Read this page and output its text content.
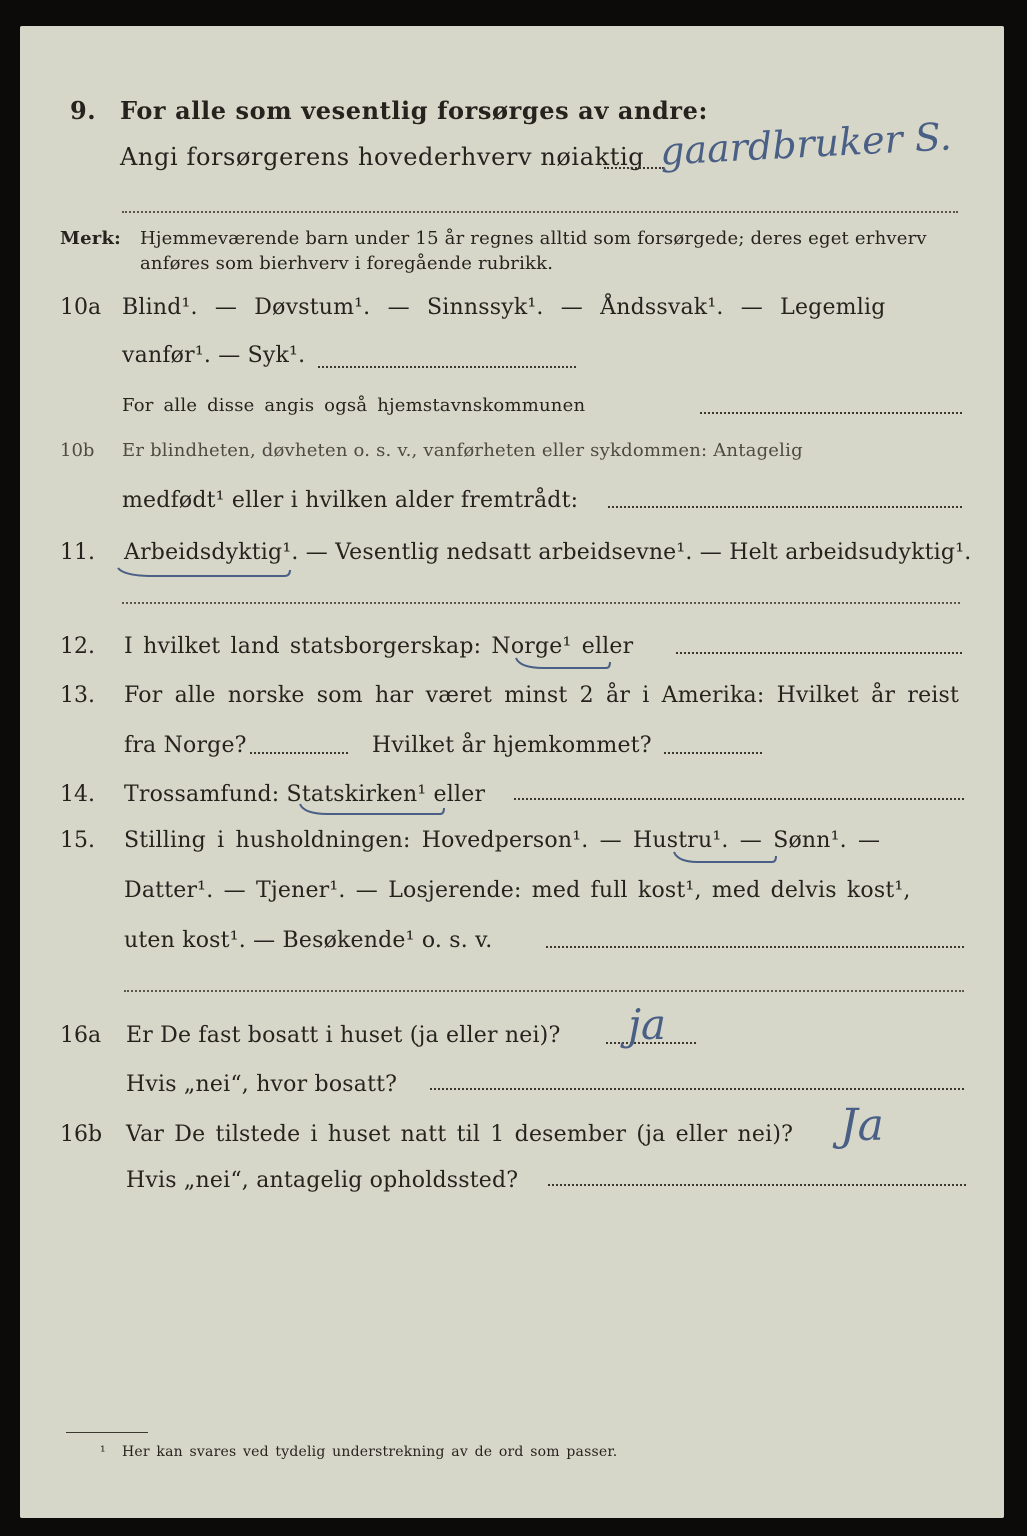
9. For alle som vesentlig forsørges av andre:
Angi forsørgerens hovederhverv nøiaktig gaardbruker S.
Merk: Hjemmeværende barn under 15 år regnes alltid som forsørgede; deres eget erhverv
anføres som bierhverv i foregående rubrikk.
10a Blind¹. — Døvstum¹. — Sinnssyk¹. — Åndssvak¹. — Legemlig
vanfør¹. — Syk¹.
For alle disse angis også hjemstavnskommunen
10b Er blindheten, døvheten o. s. v., vanførheten eller sykdommen: Antagelig
medfødt¹ eller i hvilken alder fremtrådt:
11. Arbeidsdyktig¹. — Vesentlig nedsatt arbeidsevne¹. — Helt arbeidsudyktig¹.
12. I hvilket land statsborgerskap: Norge¹ eller
13. For alle norske som har været minst 2 år i Amerika: Hvilket år reist
fra Norge?	Hvilket år hjemkommet?
14. Trossamfund: Statskirken¹ eller
15. Stilling i husholdningen: Hovedperson¹. — Hustru¹. — Sønn¹. —
Datter¹. — Tjener¹. — Losjerende: med full kost¹, med delvis kost¹,
uten kost¹. — Besøkende¹ o. s. v.
16a Er De fast bosatt i huset (ja eller nei)? ja
Hvis „nei“, hvor bosatt?
16b Var De tilstede i huset natt til 1 desember (ja eller nei)? Ja
Hvis „nei“, antagelig opholdssted?
¹ Her kan svares ved tydelig understrekning av de ord som passer.
